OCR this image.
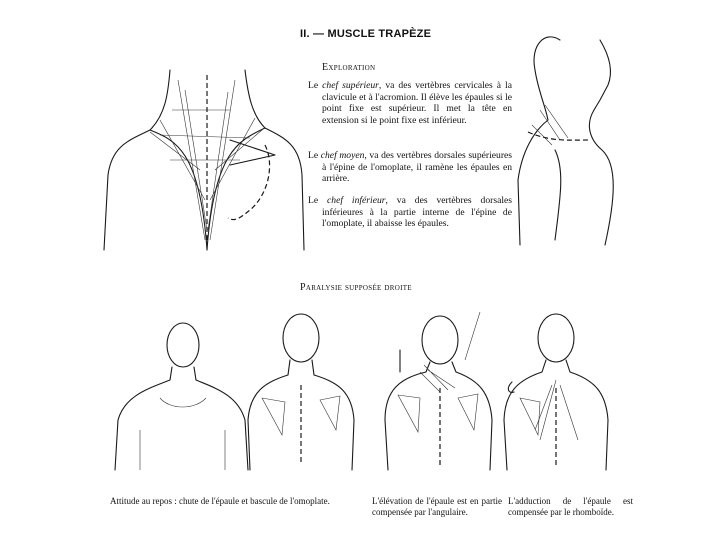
II. — MUSCLE TRAPÈZE
Exploration
Le chef supérieur, va des vertèbres cervicales à la clavicule et à l'acromion. Il élève les épaules si le point fixe est supérieur. Il met la tête en extension si le point fixe est inférieur.
Le chef moyen, va des vertèbres dorsales supérieures à l'épine de l'omoplate, il ramène les épaules en arrière.
Le chef inférieur, va des vertèbres dorsales inférieures à la partie interne de l'épine de l'omoplate, il abaisse les épaules.
Paralysie supposée droite
Attitude au repos : chute de l'épaule et bascule de l'omoplate.	L'élévation de l'épaule est en partie compensée par l'angulaire.
L'adduction de l'épaule est compensée par le rhomboïde.
